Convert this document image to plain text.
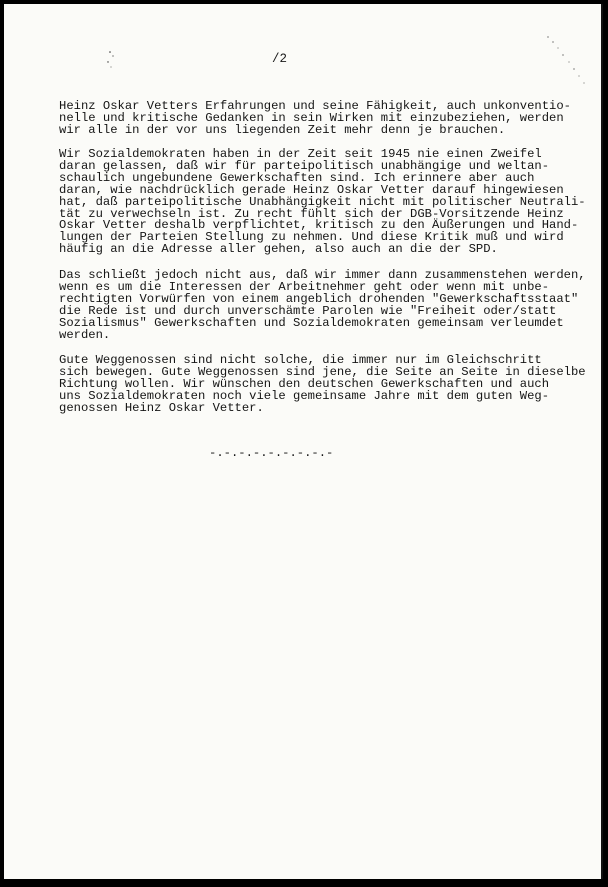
/2

Heinz Oskar Vetters Erfahrungen und seine Fähigkeit, auch unkonventio-
nelle und kritische Gedanken in sein Wirken mit einzubeziehen, werden
wir alle in der vor uns liegenden Zeit mehr denn je brauchen.

Wir Sozialdemokraten haben in der Zeit seit 1945 nie einen Zweifel
daran gelassen, daß wir für parteipolitisch unabhängige und weltan-
schaulich ungebundene Gewerkschaften sind. Ich erinnere aber auch
daran, wie nachdrücklich gerade Heinz Oskar Vetter darauf hingewiesen
hat, daß parteipolitische Unabhängigkeit nicht mit politischer Neutrali-
tät zu verwechseln ist. Zu recht fühlt sich der DGB-Vorsitzende Heinz
Oskar Vetter deshalb verpflichtet, kritisch zu den Äußerungen und Hand-
lungen der Parteien Stellung zu nehmen. Und diese Kritik muß und wird
häufig an die Adresse aller gehen, also auch an die der SPD.

Das schließt jedoch nicht aus, daß wir immer dann zusammenstehen werden,
wenn es um die Interessen der Arbeitnehmer geht oder wenn mit unbe-
rechtigten Vorwürfen von einem angeblich drohenden "Gewerkschaftsstaat"
die Rede ist und durch unverschämte Parolen wie "Freiheit oder/statt
Sozialismus" Gewerkschaften und Sozialdemokraten gemeinsam verleumdet
werden.

Gute Weggenossen sind nicht solche, die immer nur im Gleichschritt
sich bewegen. Gute Weggenossen sind jene, die Seite an Seite in dieselbe
Richtung wollen. Wir wünschen den deutschen Gewerkschaften und auch
uns Sozialdemokraten noch viele gemeinsame Jahre mit dem guten Weg-
genossen Heinz Oskar Vetter.

-.-.-.-.-.-.-.-.-
